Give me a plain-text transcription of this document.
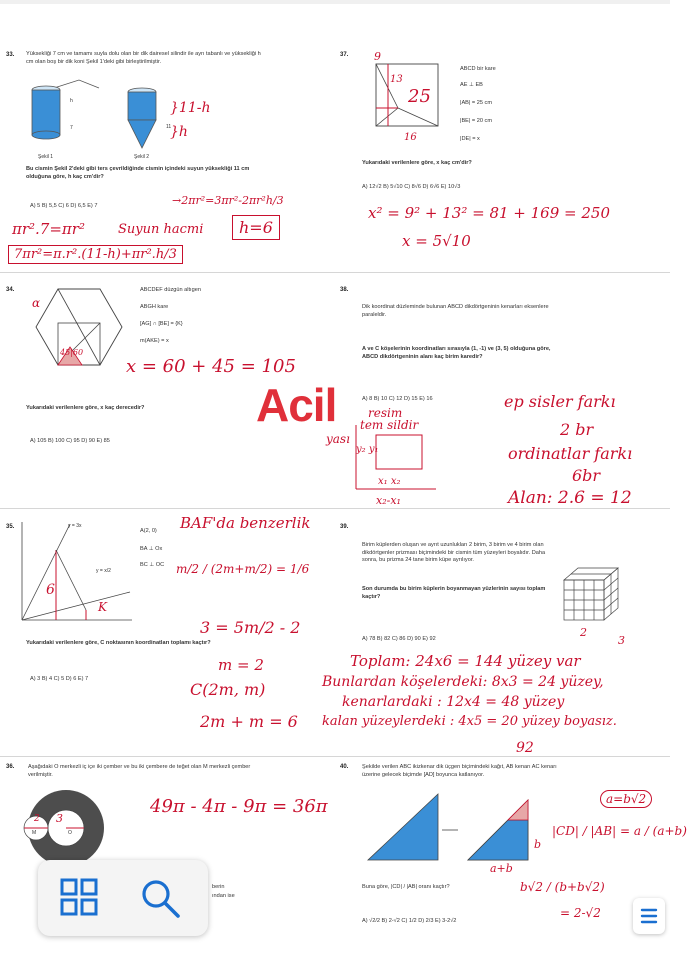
33. Yüksekliği 7 cm ve tamamı suyla dolu olan bir dik dairesel silindir ile ayrı tabanlı ve yüksekliği h cm olan boş bir dik koni Şekil 1'deki gibi birleştirilmiştir.
h
7	11
Şekil 1	Şekil 2
Bu cismin Şekil 2'deki gibi ters çevrildiğinde cismin içindeki suyun yüksekliği 11 cm olduğuna göre, h kaç cm'dir?
A) 5 B) 5,5 C) 6 D) 6,5 E) 7
}11-h
}h
→2πr²=3πr²-2πr²h/3
πr².7=πr²	Suyun hacmi	h=6
7πr²=π.r².(11-h)+πr².h/3
37. 9
13
16
25
ABCD bir kare
AE ⊥ EB
|AB| = 25 cm
|BE| = 20 cm
|DE| = x
Yukarıdaki verilenlere göre, x kaç cm'dir?
A) 12√2 B) 5√10 C) 8√6 D) 6√6 E) 10√3
x² = 9² + 13² = 81 + 169 = 250
x = 5√10
34.
α
45|60
ABCDEF düzgün altıgen
ABGH kare
[AG] ∩ [BE] = {K}
m(AKE) = x
x = 60 + 45 = 105
Yukarıdaki verilenlere göre, x kaç derecedir?
A) 105 B) 100 C) 95 D) 90 E) 85
Acil
38.
Dik koordinat düzleminde bulunan ABCD dikdörtgeninin kenarları eksenlere paraleldir.
A ve C köşelerinin koordinatları sırasıyla (1, -1) ve (3, 5) olduğuna göre, ABCD dikdörtgeninin alanı kaç birim karedir?
A) 8 B) 10 C) 12 D) 15 E) 16
resim
tem sildir
yası
y₂ y₁
x₁ x₂
x₂-x₁
ep sisler farkı
2 br
ordinatlar farkı
6br
Alan: 2.6 = 12
35.	y = 3x
y = x/2
6
K
A(2, 0)
BA ⊥ Ox
BC ⊥ OC
BAF'da benzerlik
m/2 / (2m+m/2) = 1/6
Yukarıdaki verilenlere göre, C noktasının koordinatları toplamı kaçtır?
A) 3 B) 4 C) 5 D) 6 E) 7
3 = 5m/2 - 2
m = 2
C(2m, m)
2m + m = 6
39.
Birim küplerden oluşan ve ayrıt uzunlukları 2 birim, 3 birim ve 4 birim olan dikdörtgenler prizması biçimindeki bir cismin tüm yüzeyleri boyalıdır. Daha sonra, bu prizma 24 tane birim küpe ayrılıyor.
Son durumda bu birim küplerin boyanmayan yüzlerinin sayısı toplam kaçtır?
2
3
A) 78 B) 82 C) 86 D) 90 E) 92
Toplam: 24x6 = 144 yüzey var
Bunlardan köşelerdeki: 8x3 = 24 yüzey,
kenarlardaki : 12x4 = 48 yüzey
kalan yüzeylerdeki : 4x5 = 20 yüzey boyasız.
92
36. Aşağıdaki O merkezli iç içe iki çember ve bu iki çembere de teğet olan M merkezli çember verilmiştir.
M	O
2 3
49π - 4π - 9π = 36π
berin
ından ise
40. Şekilde verilen ABC ikizkenar dik üçgen biçimindeki kağıt, AB kenarı AC kenarı üzerine gelecek biçimde [AD] boyunca katlanıyor.
a=b√2
|CD| / |AB| = a / (a+b)
b
a+b
Buna göre, |CD| / |AB| oranı kaçtır?	b√2 / (b+b√2)
= 2-√2
A) √2/2 B) 2-√2 C) 1/2 D) 2/3 E) 3-2√2
